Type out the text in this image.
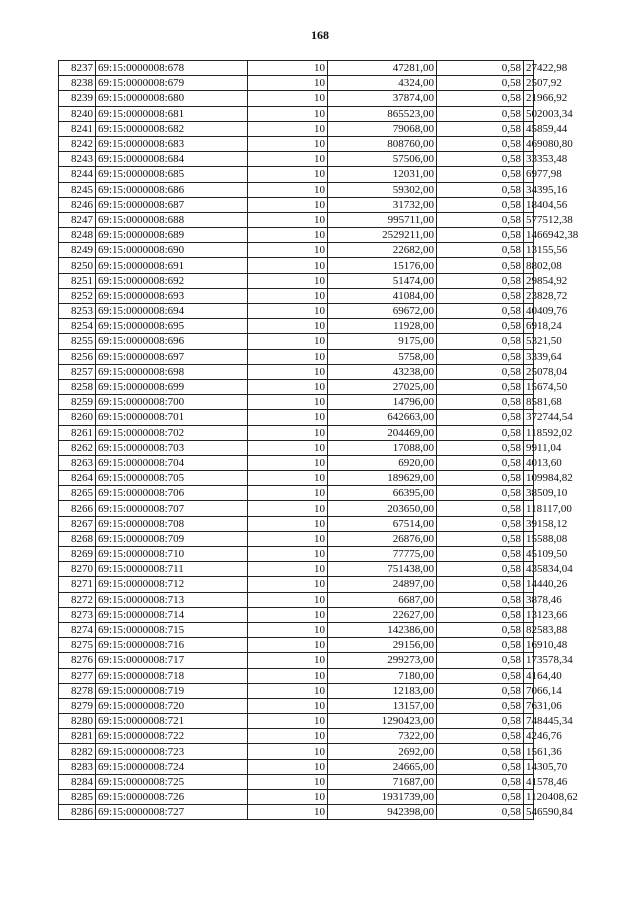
168
8237	69:15:0000008:678	10	47281,00	0,58	27422,98
8238	69:15:0000008:679	10	4324,00	0,58	2507,92
8239	69:15:0000008:680	10	37874,00	0,58	21966,92
8240	69:15:0000008:681	10	865523,00	0,58	502003,34
8241	69:15:0000008:682	10	79068,00	0,58	45859,44
8242	69:15:0000008:683	10	808760,00	0,58	469080,80
8243	69:15:0000008:684	10	57506,00	0,58	33353,48
8244	69:15:0000008:685	10	12031,00	0,58	6977,98
8245	69:15:0000008:686	10	59302,00	0,58	34395,16
8246	69:15:0000008:687	10	31732,00	0,58	18404,56
8247	69:15:0000008:688	10	995711,00	0,58	577512,38
8248	69:15:0000008:689	10	2529211,00	0,58	1466942,38
8249	69:15:0000008:690	10	22682,00	0,58	13155,56
8250	69:15:0000008:691	10	15176,00	0,58	8802,08
8251	69:15:0000008:692	10	51474,00	0,58	29854,92
8252	69:15:0000008:693	10	41084,00	0,58	23828,72
8253	69:15:0000008:694	10	69672,00	0,58	40409,76
8254	69:15:0000008:695	10	11928,00	0,58	6918,24
8255	69:15:0000008:696	10	9175,00	0,58	5321,50
8256	69:15:0000008:697	10	5758,00	0,58	3339,64
8257	69:15:0000008:698	10	43238,00	0,58	25078,04
8258	69:15:0000008:699	10	27025,00	0,58	15674,50
8259	69:15:0000008:700	10	14796,00	0,58	8581,68
8260	69:15:0000008:701	10	642663,00	0,58	372744,54
8261	69:15:0000008:702	10	204469,00	0,58	118592,02
8262	69:15:0000008:703	10	17088,00	0,58	9911,04
8263	69:15:0000008:704	10	6920,00	0,58	4013,60
8264	69:15:0000008:705	10	189629,00	0,58	109984,82
8265	69:15:0000008:706	10	66395,00	0,58	38509,10
8266	69:15:0000008:707	10	203650,00	0,58	118117,00
8267	69:15:0000008:708	10	67514,00	0,58	39158,12
8268	69:15:0000008:709	10	26876,00	0,58	15588,08
8269	69:15:0000008:710	10	77775,00	0,58	45109,50
8270	69:15:0000008:711	10	751438,00	0,58	435834,04
8271	69:15:0000008:712	10	24897,00	0,58	14440,26
8272	69:15:0000008:713	10	6687,00	0,58	3878,46
8273	69:15:0000008:714	10	22627,00	0,58	13123,66
8274	69:15:0000008:715	10	142386,00	0,58	82583,88
8275	69:15:0000008:716	10	29156,00	0,58	16910,48
8276	69:15:0000008:717	10	299273,00	0,58	173578,34
8277	69:15:0000008:718	10	7180,00	0,58	4164,40
8278	69:15:0000008:719	10	12183,00	0,58	7066,14
8279	69:15:0000008:720	10	13157,00	0,58	7631,06
8280	69:15:0000008:721	10	1290423,00	0,58	748445,34
8281	69:15:0000008:722	10	7322,00	0,58	4246,76
8282	69:15:0000008:723	10	2692,00	0,58	1561,36
8283	69:15:0000008:724	10	24665,00	0,58	14305,70
8284	69:15:0000008:725	10	71687,00	0,58	41578,46
8285	69:15:0000008:726	10	1931739,00	0,58	1120408,62
8286	69:15:0000008:727	10	942398,00	0,58	546590,84
